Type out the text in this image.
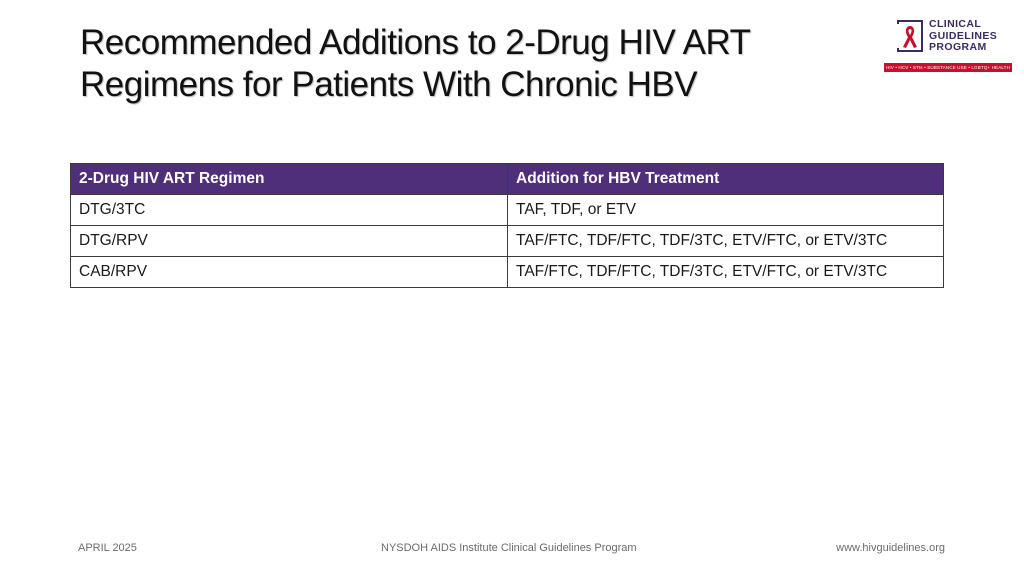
Recommended Additions to 2-Drug HIV ART
Regimens for Patients With Chronic HBV
CLINICAL
GUIDELINES
PROGRAM
HIV • HCV • STIs • SUBSTANCE USE • LGBTQ+ HEALTH
2-Drug HIV ART Regimen	Addition for HBV Treatment
DTG/3TC	TAF, TDF, or ETV
DTG/RPV	TAF/FTC, TDF/FTC, TDF/3TC, ETV/FTC, or ETV/3TC
CAB/RPV	TAF/FTC, TDF/FTC, TDF/3TC, ETV/FTC, or ETV/3TC
APRIL 2025	NYSDOH AIDS Institute Clinical Guidelines Program	www.hivguidelines.org
